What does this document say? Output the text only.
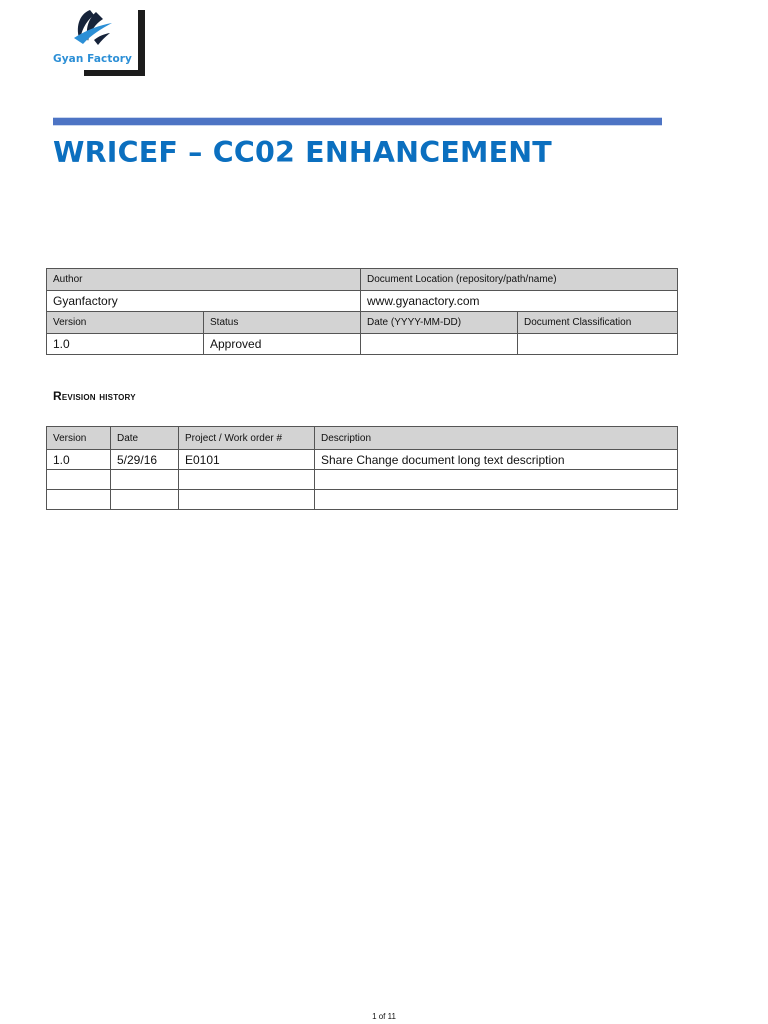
Gyan Factory
WRICEF – CC02 ENHANCEMENT
Author		Document Location (repository/path/name)	
Gyanfactory		www.gyanactory.com	
Version	Status	Date (YYYY-MM-DD)	Document Classification
1.0	Approved		
Revision history
Version	Date	Project / Work order #	Description
1.0	5/29/16	E0101	Share Change document long text description

1 of 11
